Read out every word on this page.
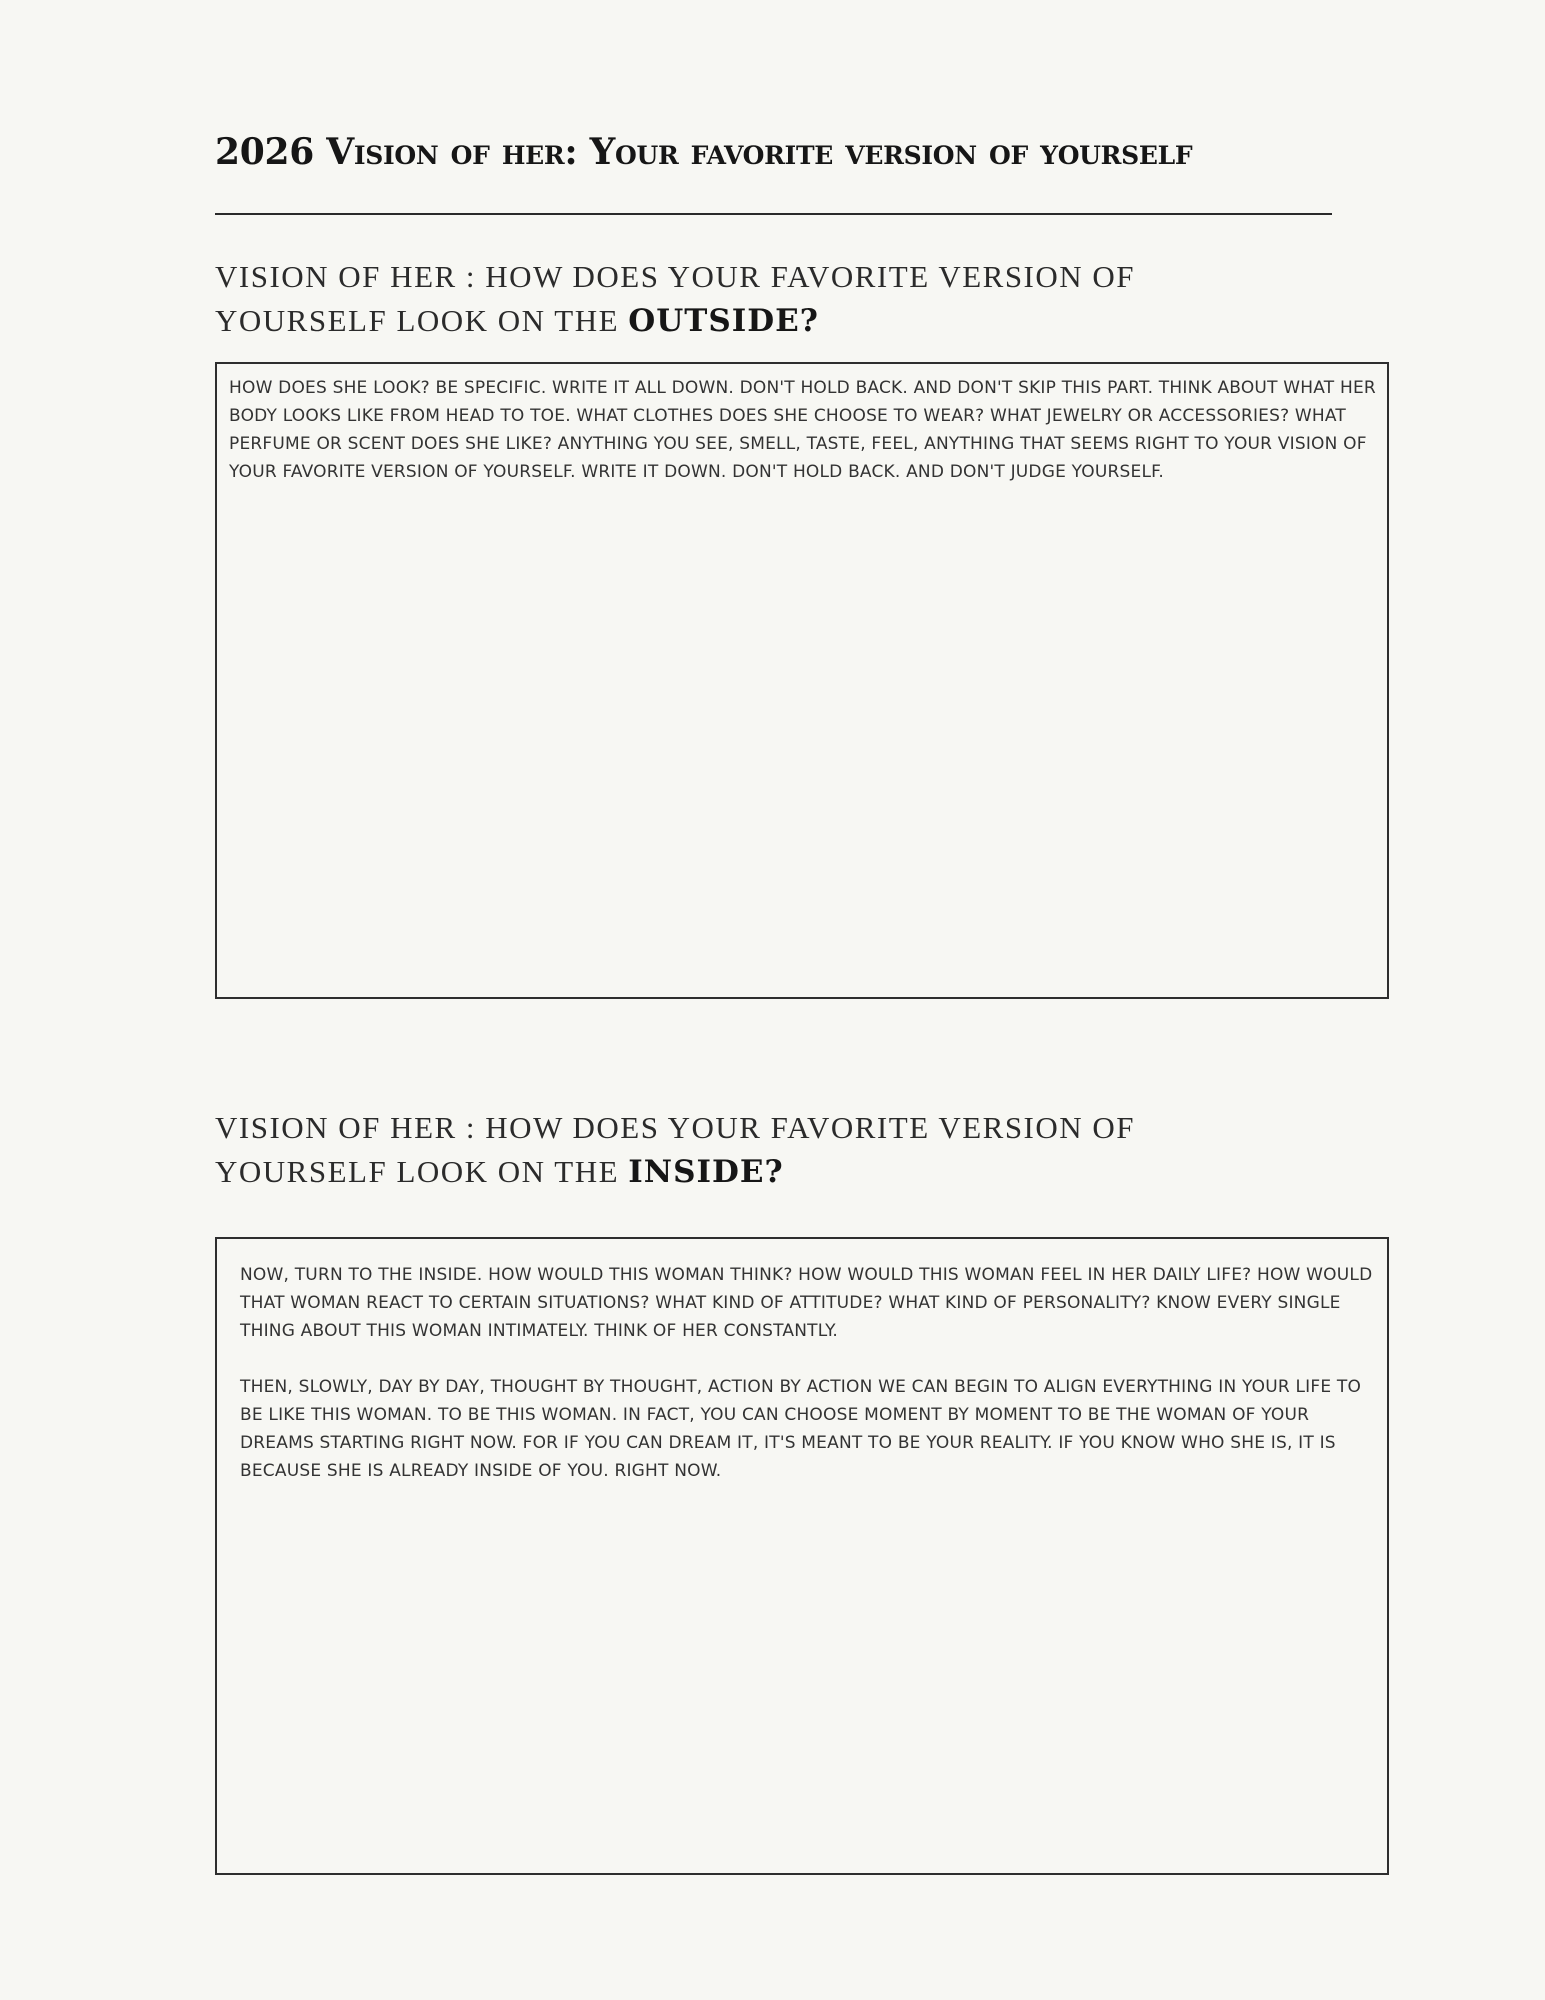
2026 Vision of her: Your favorite version of yourself
VISION OF HER : HOW DOES YOUR FAVORITE VERSION OF YOURSELF LOOK ON THE OUTSIDE?

HOW DOES SHE LOOK? BE SPECIFIC. WRITE IT ALL DOWN. DON'T HOLD BACK. AND DON'T SKIP THIS PART. THINK ABOUT WHAT HER BODY LOOKS LIKE FROM HEAD TO TOE. WHAT CLOTHES DOES SHE CHOOSE TO WEAR? WHAT JEWELRY OR ACCESSORIES? WHAT PERFUME OR SCENT DOES SHE LIKE? ANYTHING YOU SEE, SMELL, TASTE, FEEL, ANYTHING THAT SEEMS RIGHT TO YOUR VISION OF YOUR FAVORITE VERSION OF YOURSELF. WRITE IT DOWN. DON'T HOLD BACK. AND DON'T JUDGE YOURSELF.

VISION OF HER : HOW DOES YOUR FAVORITE VERSION OF YOURSELF LOOK ON THE INSIDE?

NOW, TURN TO THE INSIDE. HOW WOULD THIS WOMAN THINK? HOW WOULD THIS WOMAN FEEL IN HER DAILY LIFE? HOW WOULD THAT WOMAN REACT TO CERTAIN SITUATIONS? WHAT KIND OF ATTITUDE? WHAT KIND OF PERSONALITY? KNOW EVERY SINGLE THING ABOUT THIS WOMAN INTIMATELY. THINK OF HER CONSTANTLY.

THEN, SLOWLY, DAY BY DAY, THOUGHT BY THOUGHT, ACTION BY ACTION WE CAN BEGIN TO ALIGN EVERYTHING IN YOUR LIFE TO BE LIKE THIS WOMAN. TO BE THIS WOMAN. IN FACT, YOU CAN CHOOSE MOMENT BY MOMENT TO BE THE WOMAN OF YOUR DREAMS STARTING RIGHT NOW. FOR IF YOU CAN DREAM IT, IT'S MEANT TO BE YOUR REALITY. IF YOU KNOW WHO SHE IS, IT IS BECAUSE SHE IS ALREADY INSIDE OF YOU. RIGHT NOW.
